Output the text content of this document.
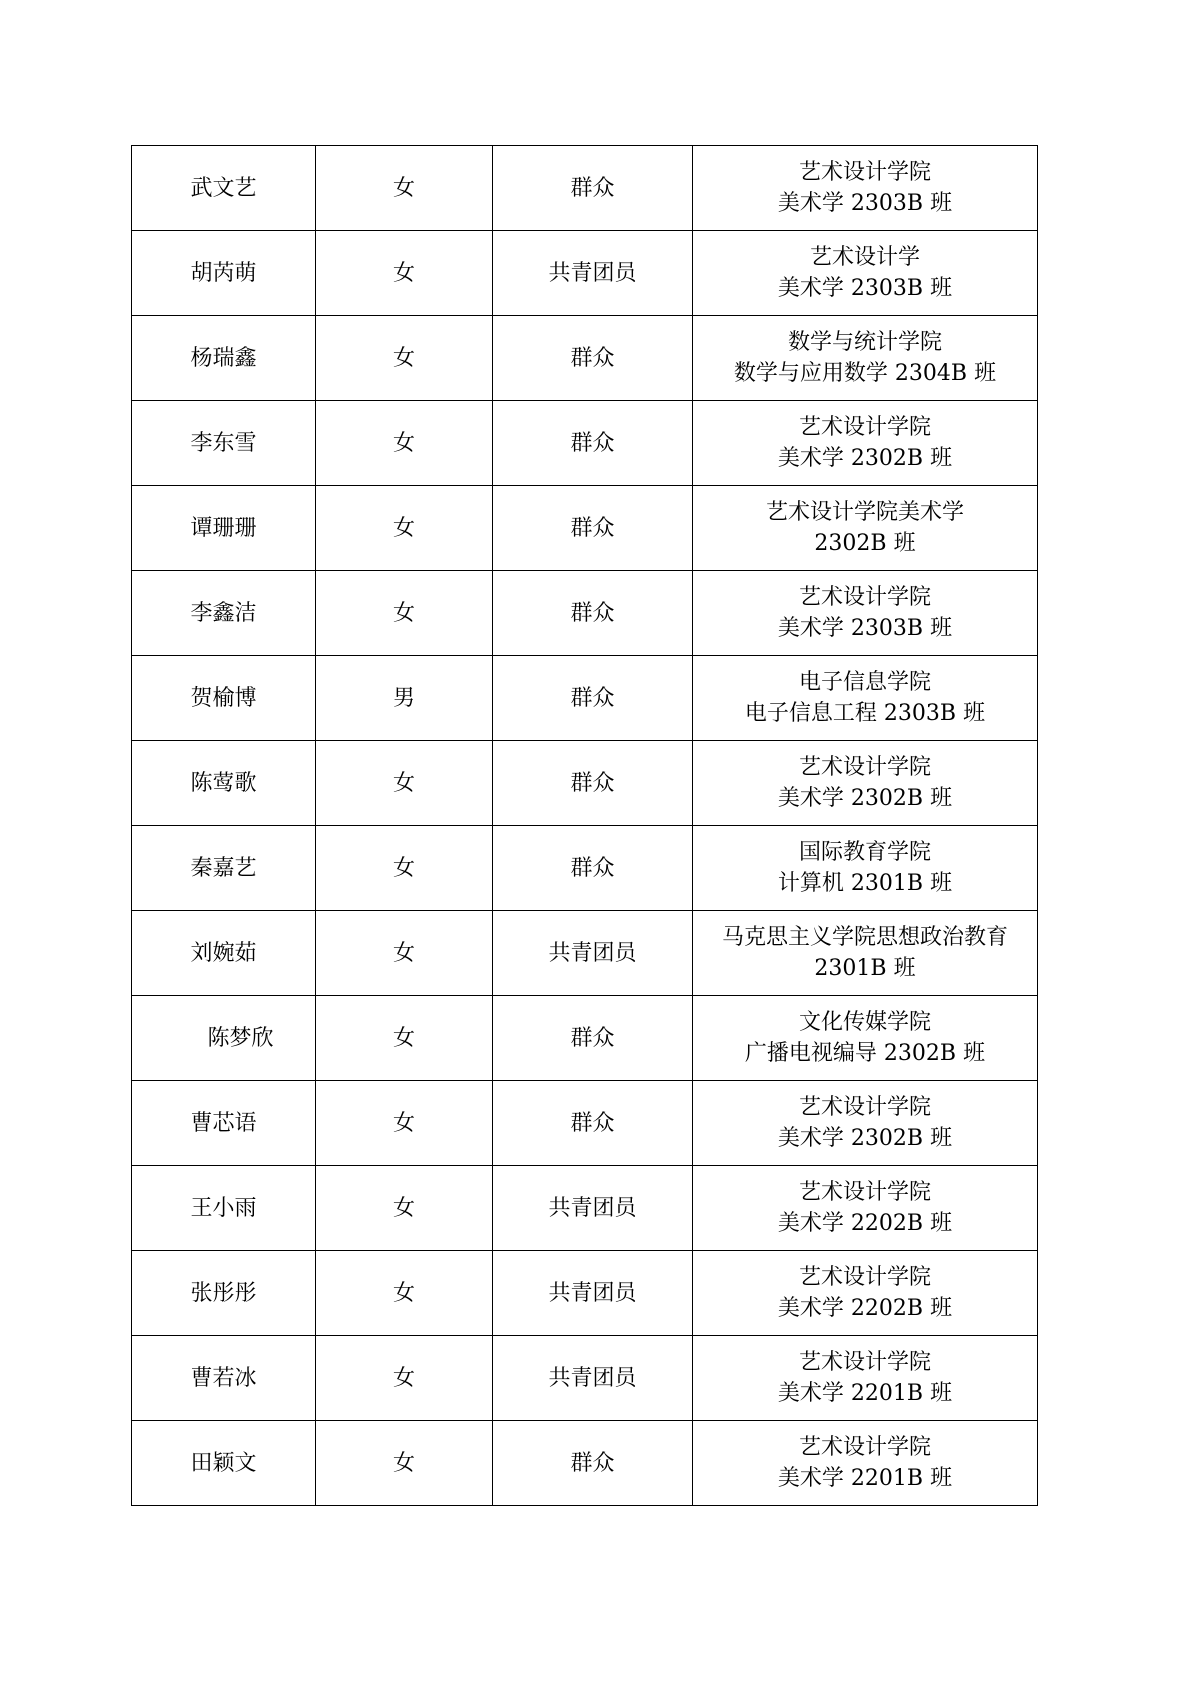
武文艺	女	群众	艺术设计学院
美术学 2303B 班

胡芮萌	女	共青团员	艺术设计学
美术学 2303B 班

杨瑞鑫	女	群众	数学与统计学院
数学与应用数学 2304B 班

李东雪	女	群众	艺术设计学院
美术学 2302B 班

谭珊珊	女	群众	艺术设计学院美术学
2302B 班

李鑫洁	女	群众	艺术设计学院
美术学 2303B 班

贺榆博	男	群众	电子信息学院
电子信息工程 2303B 班

陈莺歌	女	群众	艺术设计学院
美术学 2302B 班

秦嘉艺	女	群众	国际教育学院
计算机 2301B 班

刘婉茹	女	共青团员	马克思主义学院思想政治教育
2301B 班

陈梦欣	女	群众	文化传媒学院
广播电视编导 2302B 班

曹芯语	女	群众	艺术设计学院
美术学 2302B 班

王小雨	女	共青团员	艺术设计学院
美术学 2202B 班

张彤彤	女	共青团员	艺术设计学院
美术学 2202B 班

曹若冰	女	共青团员	艺术设计学院
美术学 2201B 班

田颖文	女	群众	艺术设计学院
美术学 2201B 班
